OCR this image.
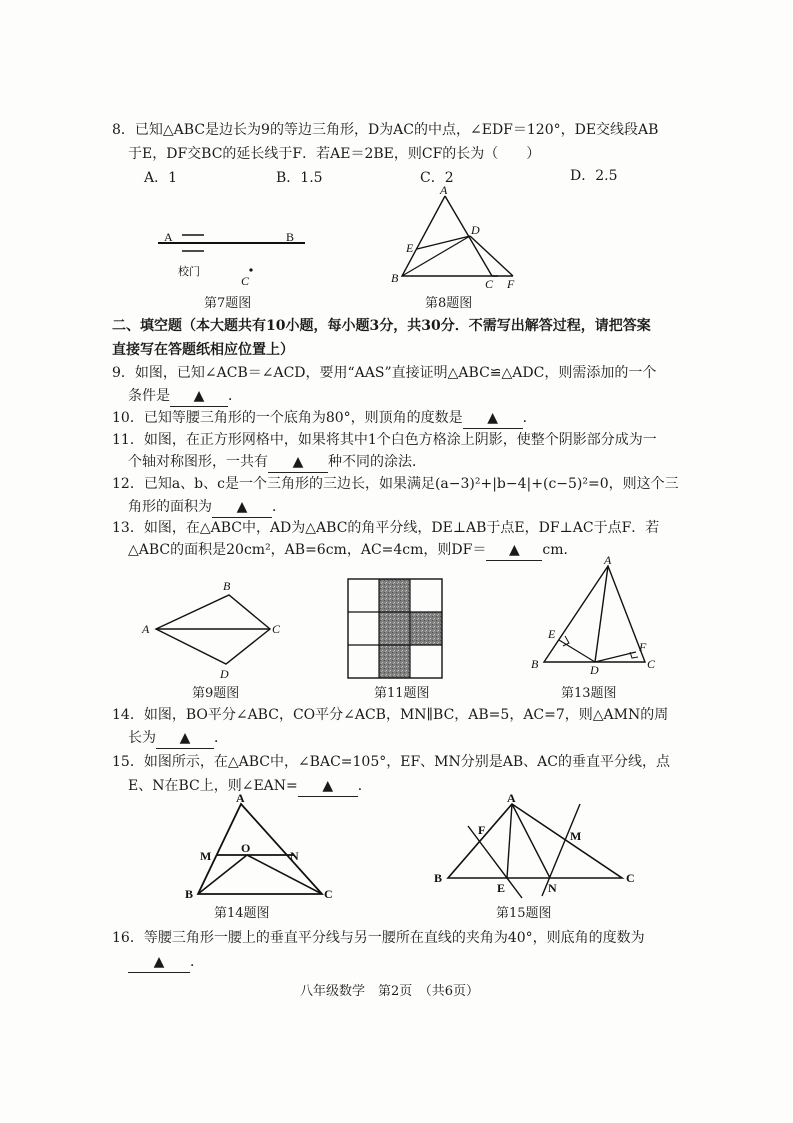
8．已知△ABC是边长为9的等边三角形，D为AC的中点，∠EDF＝120°，DE交线段AB
于E，DF交BC的延长线于F．若AE＝2BE，则CF的长为（　　）
A．1	B．1.5	C．2	D．2.5
A	B
C
校门
第7题图
A
D
E
B	C F
第8题图
二、填空题（本大题共有10小题，每小题3分，共30分．不需写出解答过程，请把答案
直接写在答题纸相应位置上）
9．如图，已知∠ACB＝∠ACD，要用“AAS”直接证明△ABC≌△ADC，则需添加的一个
条件是 ▲ ．
10．已知等腰三角形的一个底角为80°，则顶角的度数是 ▲ ．
11．如图，在正方形网格中，如果将其中1个白色方格涂上阴影，使整个阴影部分成为一
个轴对称图形，一共有 ▲ 种不同的涂法．
12．已知a、b、c是一个三角形的三边长，如果满足(a−3)²+|b−4|+(c−5)²=0，则这个三
角形的面积为 ▲ ．
13．如图，在△ABC中，AD为△ABC的角平分线，DE⊥AB于点E，DF⊥AC于点F．若
△ABC的面积是20cm²，AB=6cm，AC=4cm，则DF＝ ▲ cm．
B
A	C
D
第9题图	第11题图
A
E
F
B	D	C
第13题图
14．如图，BO平分∠ABC，CO平分∠ACB，MN∥BC，AB=5，AC=7，则△AMN的周
长为 ▲ ．
15．如图所示，在△ABC中，∠BAC=105°，EF、MN分别是AB、AC的垂直平分线，点
E、N在BC上，则∠EAN= ▲ ．
A
M
O
N
B	C
第14题图
A
F	M
B
E	N
C
第15题图
16．等腰三角形一腰上的垂直平分线与另一腰所在直线的夹角为40°，则底角的度数为
▲ ．
八年级数学　第2页　（共6页）
